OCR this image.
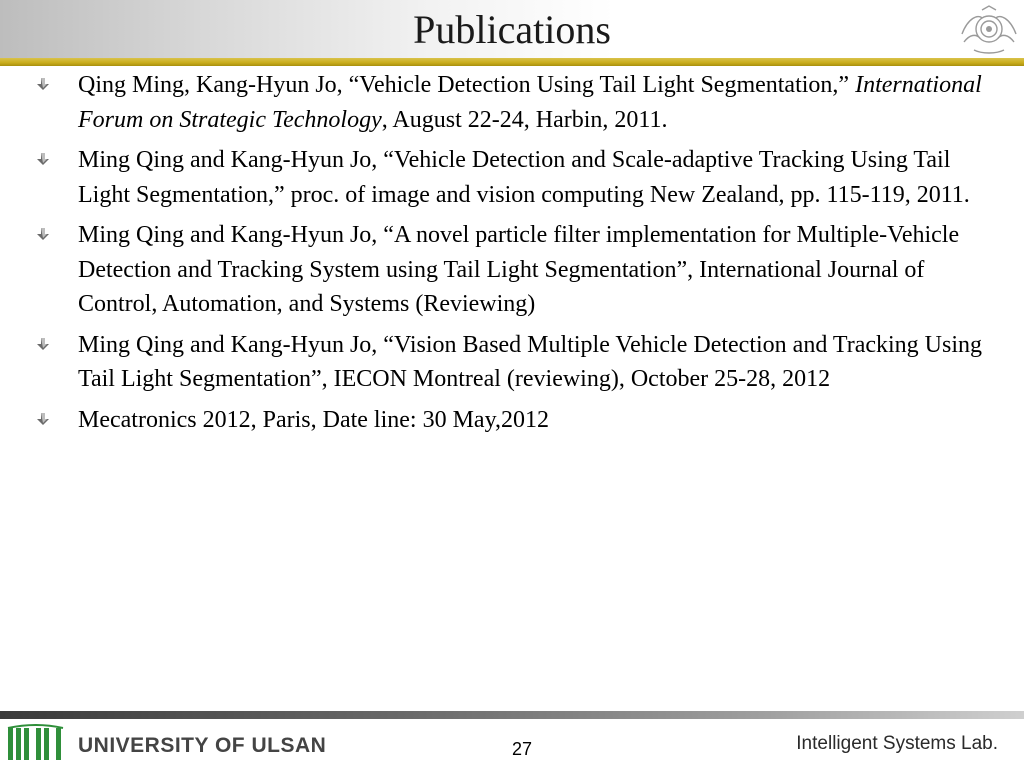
Publications
Qing Ming, Kang-Hyun Jo, “Vehicle Detection Using Tail Light Segmentation,” International Forum on Strategic Technology, August 22-24, Harbin, 2011.
Ming Qing and Kang-Hyun Jo, “Vehicle Detection and Scale-adaptive Tracking Using Tail Light Segmentation,” proc. of image and vision computing New Zealand, pp. 115-119, 2011.
Ming Qing and Kang-Hyun Jo, “A novel particle filter implementation for Multiple-Vehicle Detection and Tracking System using Tail Light Segmentation”, International Journal of Control, Automation, and Systems (Reviewing)
Ming Qing and Kang-Hyun Jo, “Vision Based Multiple Vehicle Detection and Tracking Using Tail Light Segmentation”, IECON Montreal (reviewing), October 25-28, 2012
Mecatronics 2012, Paris, Date line: 30 May,2012
UNIVERSITY OF ULSAN	27	Intelligent Systems Lab.
